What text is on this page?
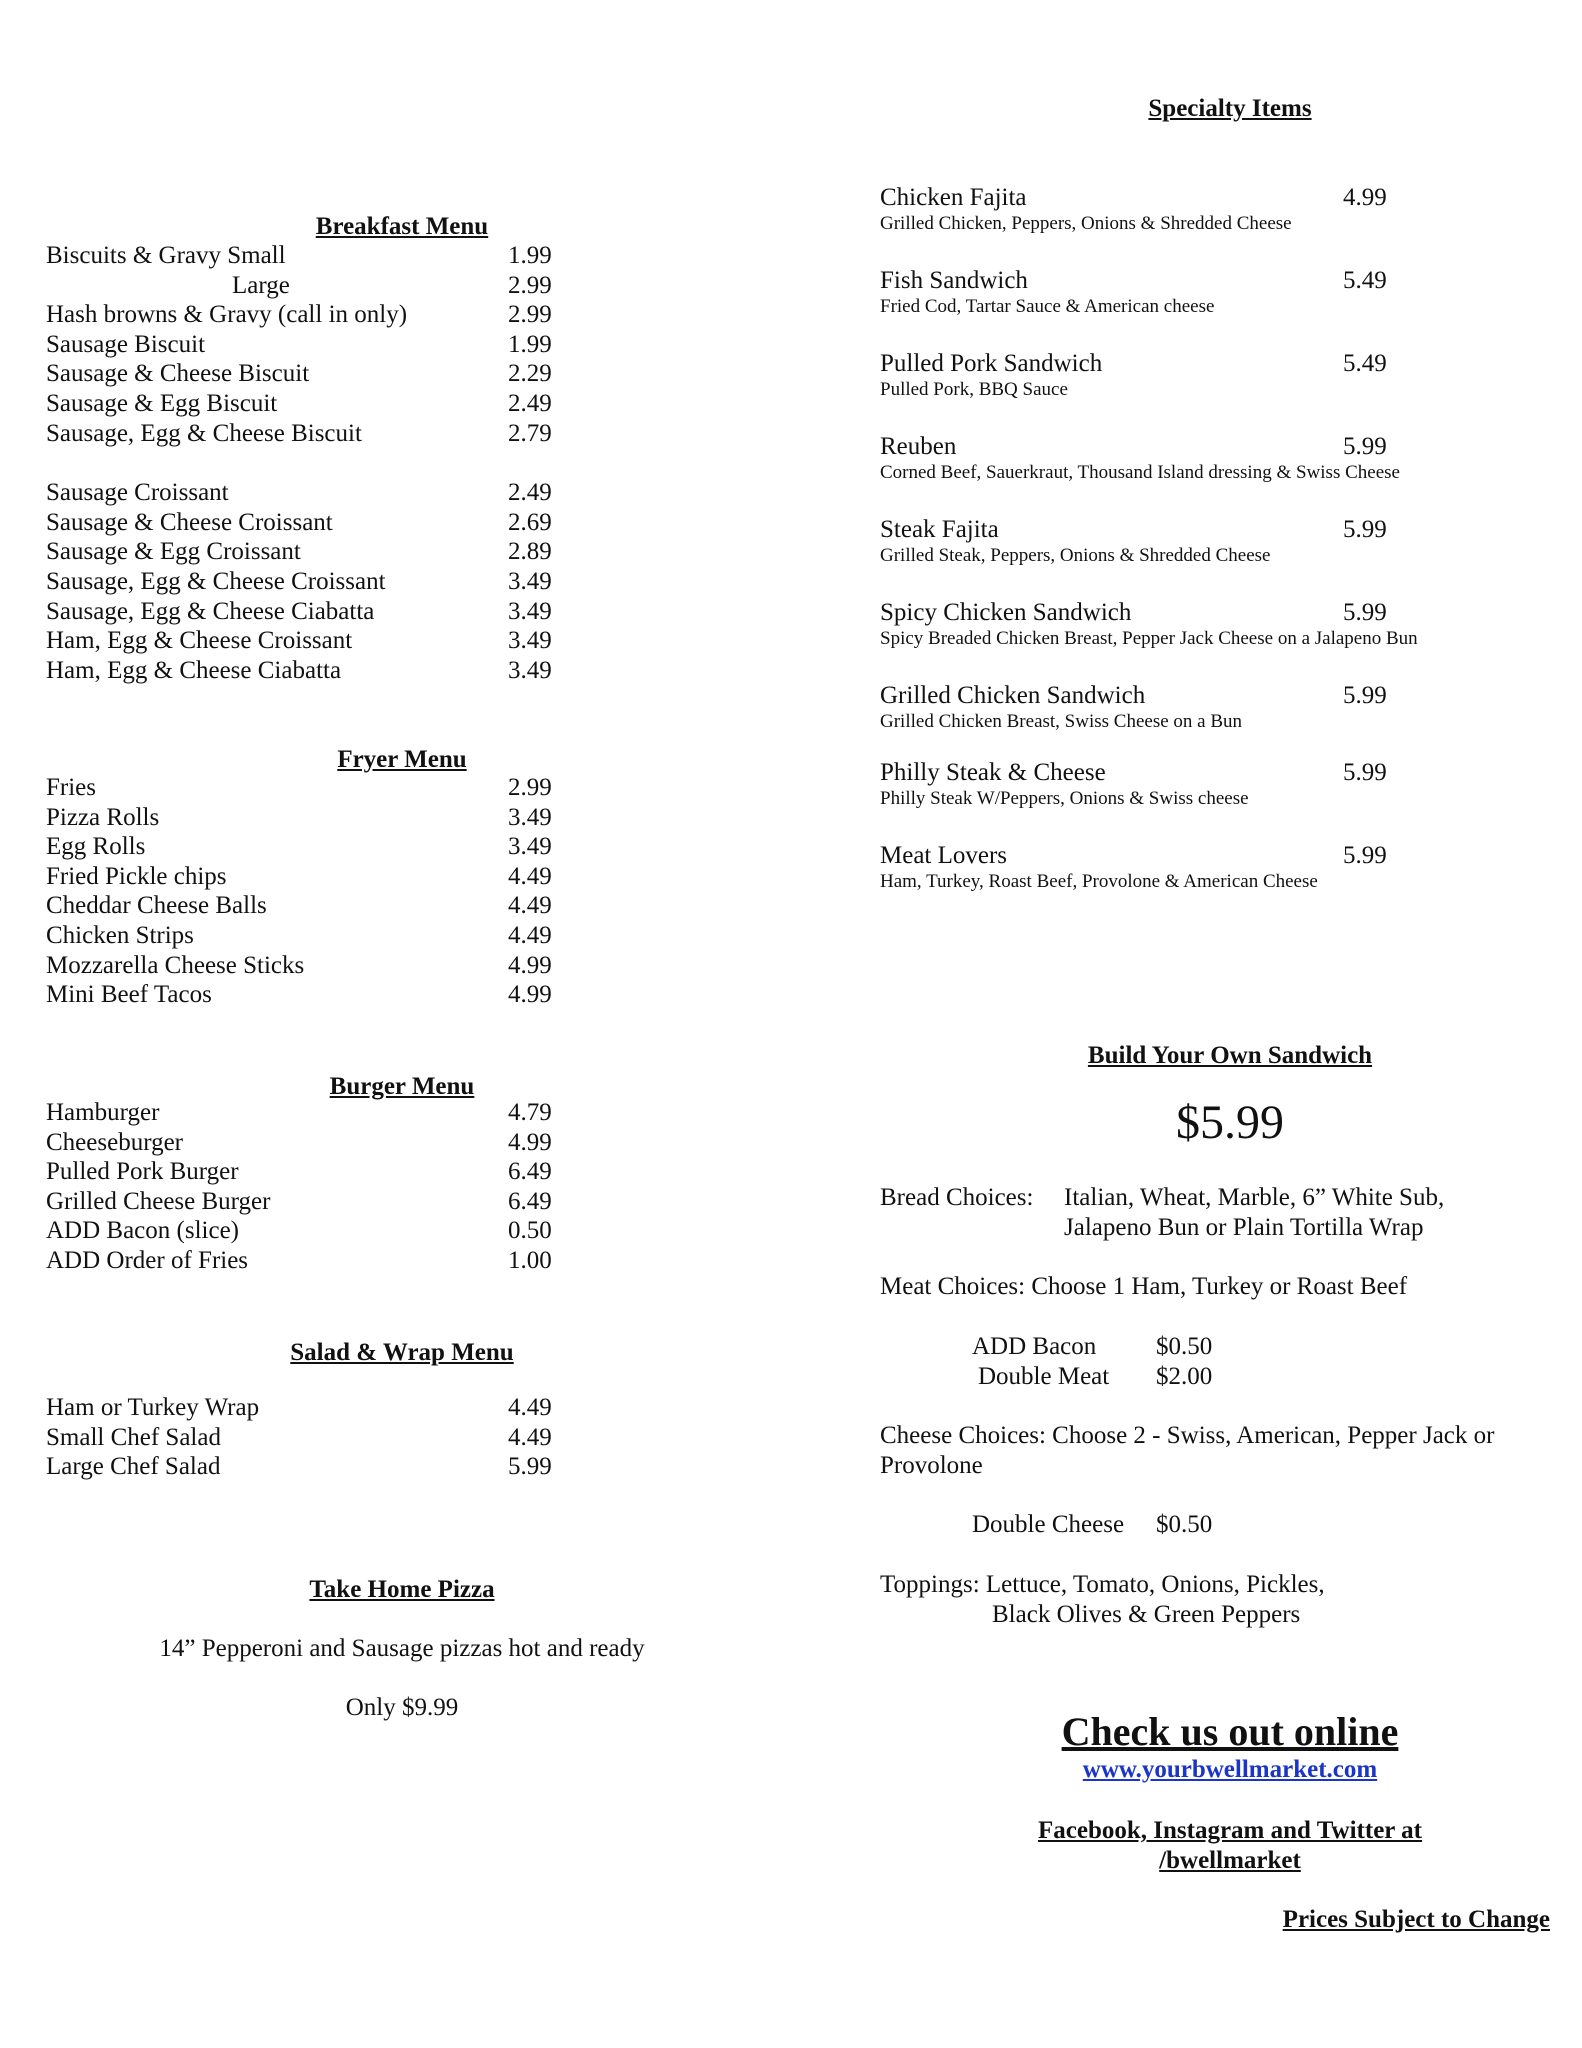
Breakfast Menu
Biscuits & Gravy Small	1.99
Large	2.99
Hash browns & Gravy (call in only)	2.99
Sausage Biscuit	1.99
Sausage & Cheese Biscuit	2.29
Sausage & Egg Biscuit	2.49
Sausage, Egg & Cheese Biscuit	2.79
Sausage Croissant	2.49
Sausage & Cheese Croissant	2.69
Sausage & Egg Croissant	2.89
Sausage, Egg & Cheese Croissant	3.49
Sausage, Egg & Cheese Ciabatta	3.49
Ham, Egg & Cheese Croissant	3.49
Ham, Egg & Cheese Ciabatta	3.49
Fryer Menu
Fries	2.99
Pizza Rolls	3.49
Egg Rolls	3.49
Fried Pickle chips	4.49
Cheddar Cheese Balls	4.49
Chicken Strips	4.49
Mozzarella Cheese Sticks	4.99
Mini Beef Tacos	4.99
Burger Menu
Hamburger	4.79
Cheeseburger	4.99
Pulled Pork Burger	6.49
Grilled Cheese Burger	6.49
ADD Bacon (slice)	0.50
ADD Order of Fries	1.00
Salad & Wrap Menu
Ham or Turkey Wrap	4.49
Small Chef Salad	4.49
Large Chef Salad	5.99
Take Home Pizza
14” Pepperoni and Sausage pizzas hot and ready
Only $9.99
Specialty Items
Chicken Fajita	4.99
Grilled Chicken, Peppers, Onions & Shredded Cheese
Fish Sandwich	5.49
Fried Cod, Tartar Sauce & American cheese
Pulled Pork Sandwich	5.49
Pulled Pork, BBQ Sauce
Reuben	5.99
Corned Beef, Sauerkraut, Thousand Island dressing & Swiss Cheese
Steak Fajita	5.99
Grilled Steak, Peppers, Onions & Shredded Cheese
Spicy Chicken Sandwich	5.99
Spicy Breaded Chicken Breast, Pepper Jack Cheese on a Jalapeno Bun
Grilled Chicken Sandwich	5.99
Grilled Chicken Breast, Swiss Cheese on a Bun
Philly Steak & Cheese	5.99
Philly Steak W/Peppers, Onions & Swiss cheese
Meat Lovers	5.99
Ham, Turkey, Roast Beef, Provolone & American Cheese
Build Your Own Sandwich
$5.99
Bread Choices: Italian, Wheat, Marble, 6” White Sub,
Jalapeno Bun or Plain Tortilla Wrap
Meat Choices: Choose 1 Ham, Turkey or Roast Beef
ADD Bacon $0.50
Double Meat $2.00
Cheese Choices: Choose 2 - Swiss, American, Pepper Jack or
Provolone
Double Cheese $0.50
Toppings: Lettuce, Tomato, Onions, Pickles,
Black Olives & Green Peppers
Check us out online
www.yourbwellmarket.com
Facebook, Instagram and Twitter at
/bwellmarket
Prices Subject to Change
